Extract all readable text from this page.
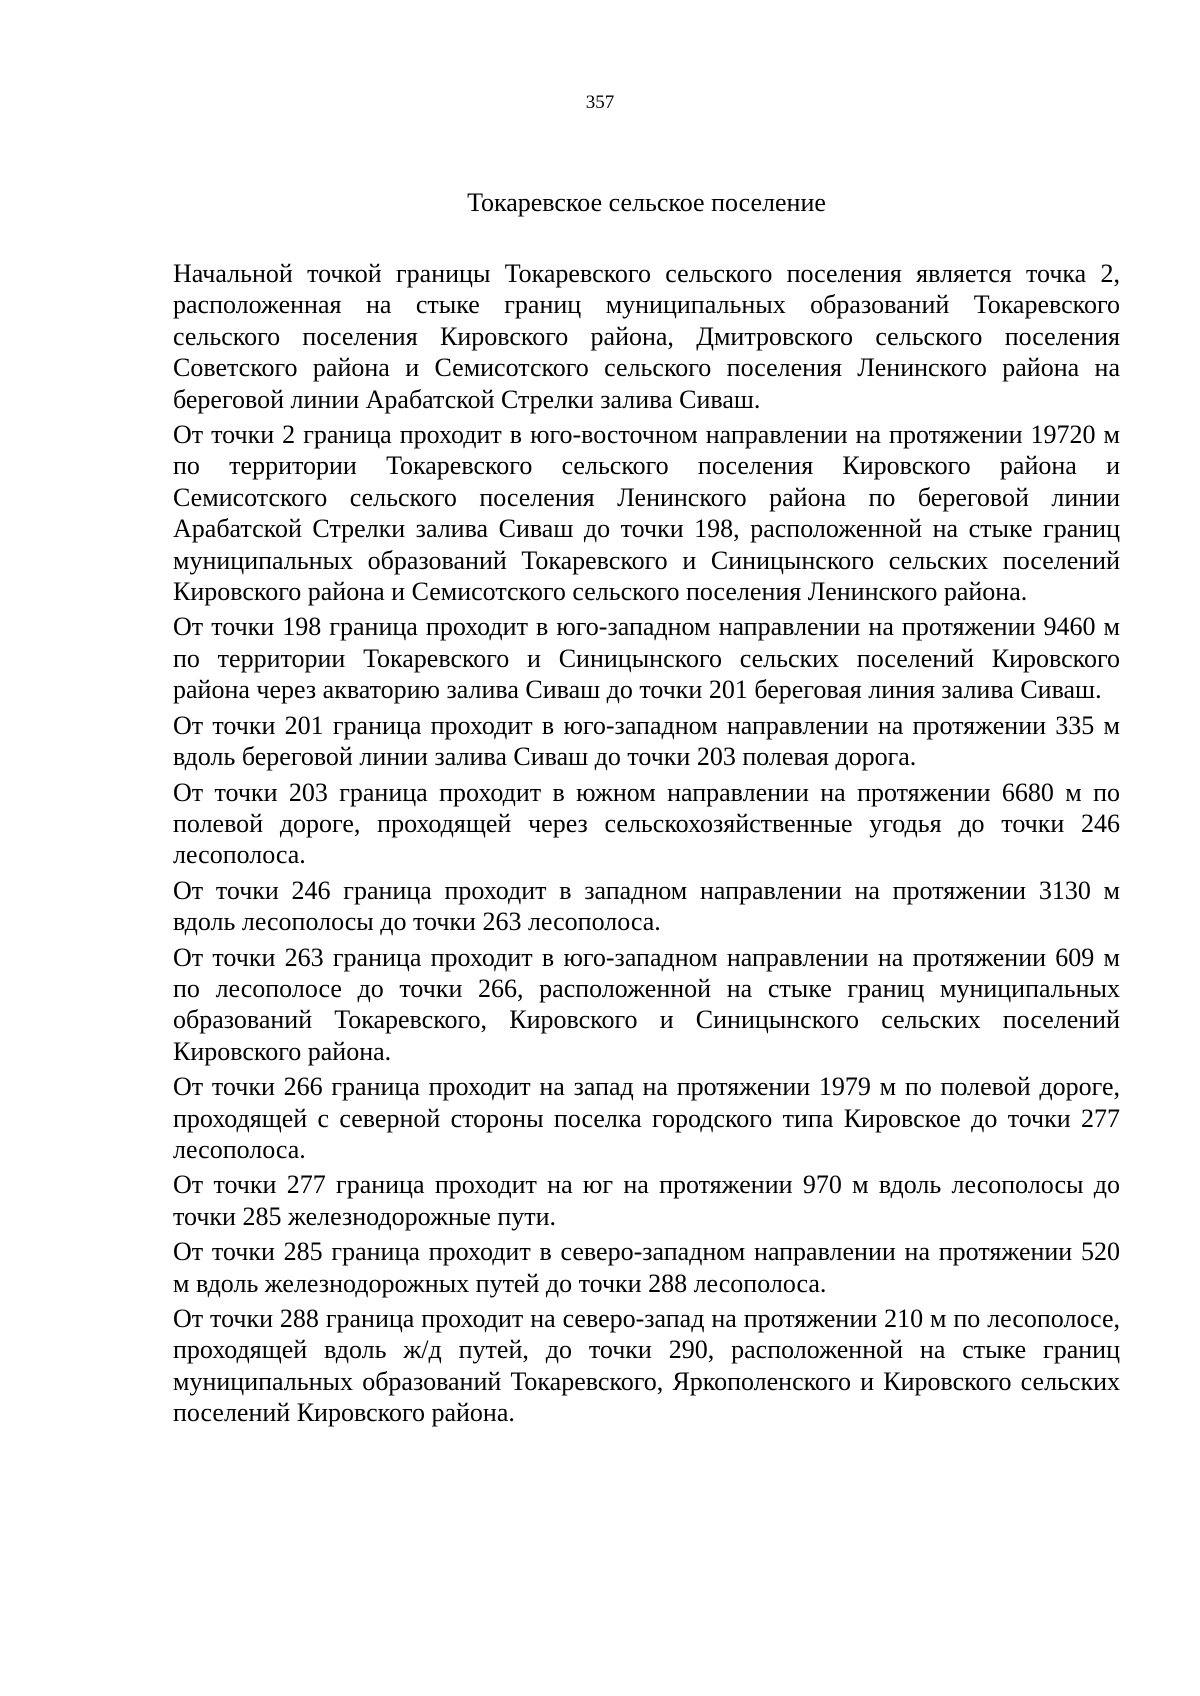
357
Токаревское сельское поселение

Начальной точкой границы Токаревского сельского поселения является точка 2, расположенная на стыке границ муниципальных образований Токаревского сельского поселения Кировского района, Дмитровского сельского поселения Советского района и Семисотского сельского поселения Ленинского района на береговой линии Арабатской Стрелки залива Сиваш.

От точки 2 граница проходит в юго-восточном направлении на протяжении 19720 м по территории Токаревского сельского поселения Кировского района и Семисотского сельского поселения Ленинского района по береговой линии Арабатской Стрелки залива Сиваш до точки 198, расположенной на стыке границ муниципальных образований Токаревского и Синицынского сельских поселений Кировского района и Семисотского сельского поселения Ленинского района.

От точки 198 граница проходит в юго-западном направлении на протяжении 9460 м по территории Токаревского и Синицынского сельских поселений Кировского района через акваторию залива Сиваш до точки 201 береговая линия залива Сиваш.

От точки 201 граница проходит в юго-западном направлении на протяжении 335 м вдоль береговой линии залива Сиваш до точки 203 полевая дорога.

От точки 203 граница проходит в южном направлении на протяжении 6680 м по полевой дороге, проходящей через сельскохозяйственные угодья до точки 246 лесополоса.

От точки 246 граница проходит в западном направлении на протяжении 3130 м вдоль лесополосы до точки 263 лесополоса.

От точки 263 граница проходит в юго-западном направлении на протяжении 609 м по лесополосе до точки 266, расположенной на стыке границ муниципальных образований Токаревского, Кировского и Синицынского сельских поселений Кировского района.

От точки 266 граница проходит на запад на протяжении 1979 м по полевой дороге, проходящей с северной стороны поселка городского типа Кировское до точки 277 лесополоса.

От точки 277 граница проходит на юг на протяжении 970 м вдоль лесополосы до точки 285 железнодорожные пути.

От точки 285 граница проходит в северо-западном направлении на протяжении 520 м вдоль железнодорожных путей до точки 288 лесополоса.

От точки 288 граница проходит на северо-запад на протяжении 210 м по лесополосе, проходящей вдоль ж/д путей, до точки 290, расположенной на стыке границ муниципальных образований Токаревского, Яркополенского и Кировского сельских поселений Кировского района.
